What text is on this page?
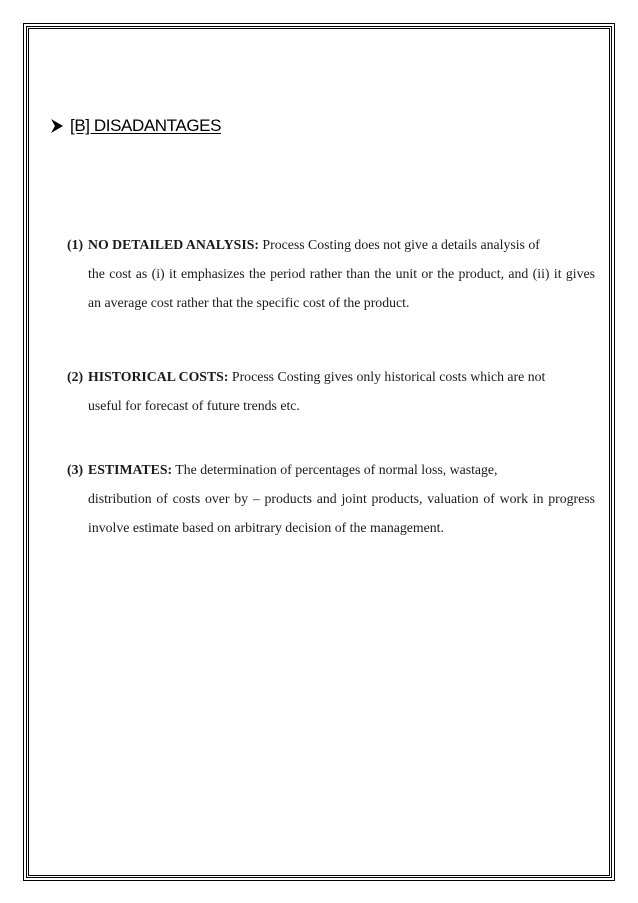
[B] DISADANTAGES
(1) NO DETAILED ANALYSIS: Process Costing does not give a details analysis of
the cost as (i) it emphasizes the period rather than the unit or the product, and (ii) it gives an average cost rather that the specific cost of the product.
(2) HISTORICAL COSTS: Process Costing gives only historical costs which are not
useful for forecast of future trends etc.
(3) ESTIMATES: The determination of percentages of normal loss, wastage,
distribution of costs over by – products and joint products, valuation of work in progress involve estimate based on arbitrary decision of the management.
